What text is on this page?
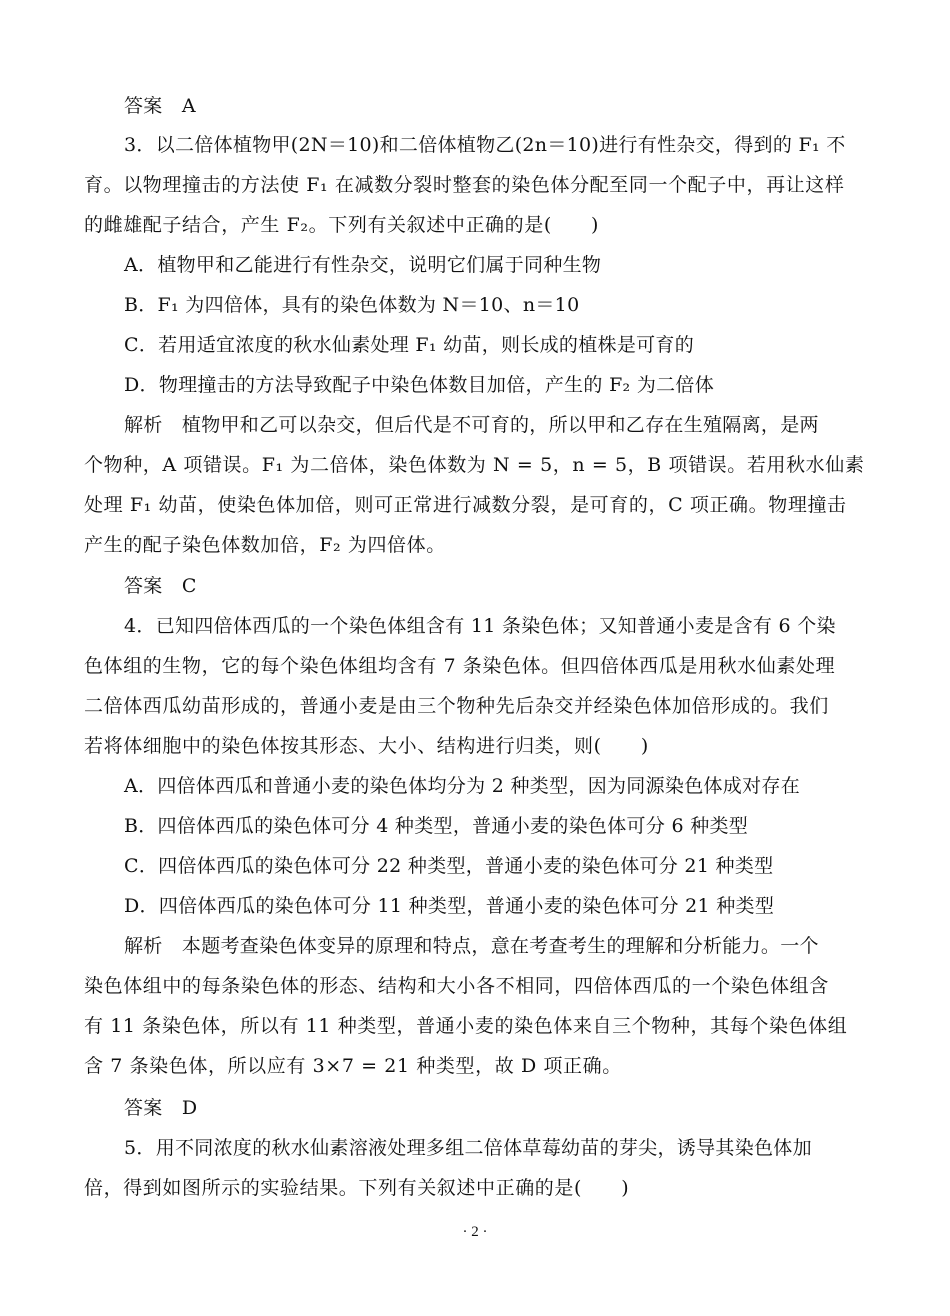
答案　A
3．以二倍体植物甲(2N＝10)和二倍体植物乙(2n＝10)进行有性杂交，得到的 F₁ 不
育。以物理撞击的方法使 F₁ 在减数分裂时整套的染色体分配至同一个配子中，再让这样
的雌雄配子结合，产生 F₂。下列有关叙述中正确的是(　　)
A．植物甲和乙能进行有性杂交，说明它们属于同种生物
B．F₁ 为四倍体，具有的染色体数为 N＝10、n＝10
C．若用适宜浓度的秋水仙素处理 F₁ 幼苗，则长成的植株是可育的
D．物理撞击的方法导致配子中染色体数目加倍，产生的 F₂ 为二倍体
解析　植物甲和乙可以杂交，但后代是不可育的，所以甲和乙存在生殖隔离，是两
个物种，A 项错误。F₁ 为二倍体，染色体数为 N = 5，n = 5，B 项错误。若用秋水仙素
处理 F₁ 幼苗，使染色体加倍，则可正常进行减数分裂，是可育的，C 项正确。物理撞击
产生的配子染色体数加倍，F₂ 为四倍体。
答案　C
4．已知四倍体西瓜的一个染色体组含有 11 条染色体；又知普通小麦是含有 6 个染
色体组的生物，它的每个染色体组均含有 7 条染色体。但四倍体西瓜是用秋水仙素处理
二倍体西瓜幼苗形成的，普通小麦是由三个物种先后杂交并经染色体加倍形成的。我们
若将体细胞中的染色体按其形态、大小、结构进行归类，则(　　)
A．四倍体西瓜和普通小麦的染色体均分为 2 种类型，因为同源染色体成对存在
B．四倍体西瓜的染色体可分 4 种类型，普通小麦的染色体可分 6 种类型
C．四倍体西瓜的染色体可分 22 种类型，普通小麦的染色体可分 21 种类型
D．四倍体西瓜的染色体可分 11 种类型，普通小麦的染色体可分 21 种类型
解析　本题考查染色体变异的原理和特点，意在考查考生的理解和分析能力。一个
染色体组中的每条染色体的形态、结构和大小各不相同，四倍体西瓜的一个染色体组含
有 11 条染色体，所以有 11 种类型，普通小麦的染色体来自三个物种，其每个染色体组
含 7 条染色体，所以应有 3×7 = 21 种类型，故 D 项正确。
答案　D
5．用不同浓度的秋水仙素溶液处理多组二倍体草莓幼苗的芽尖，诱导其染色体加
倍，得到如图所示的实验结果。下列有关叙述中正确的是(　　)
· 2 ·
